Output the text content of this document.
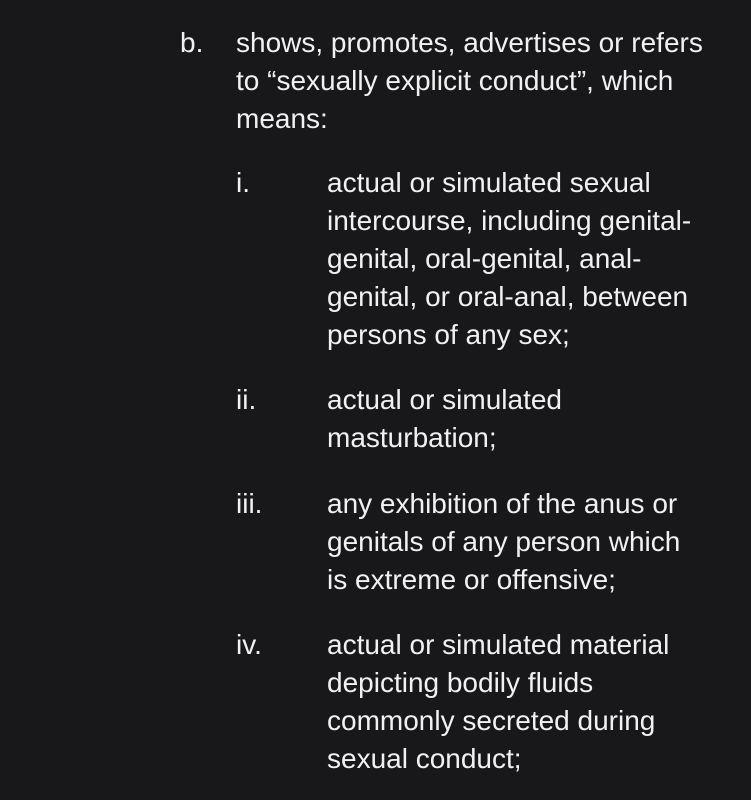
b. shows, promotes, advertises or refers
to “sexually explicit conduct”, which
means:
i.	actual or simulated sexual
intercourse, including genital-
genital, oral-genital, anal-
genital, or oral-anal, between
persons of any sex;
ii.	actual or simulated
masturbation;
iii. any exhibition of the anus or
genitals of any person which
is extreme or offensive;
iv. actual or simulated material
depicting bodily fluids
commonly secreted during
sexual conduct;
